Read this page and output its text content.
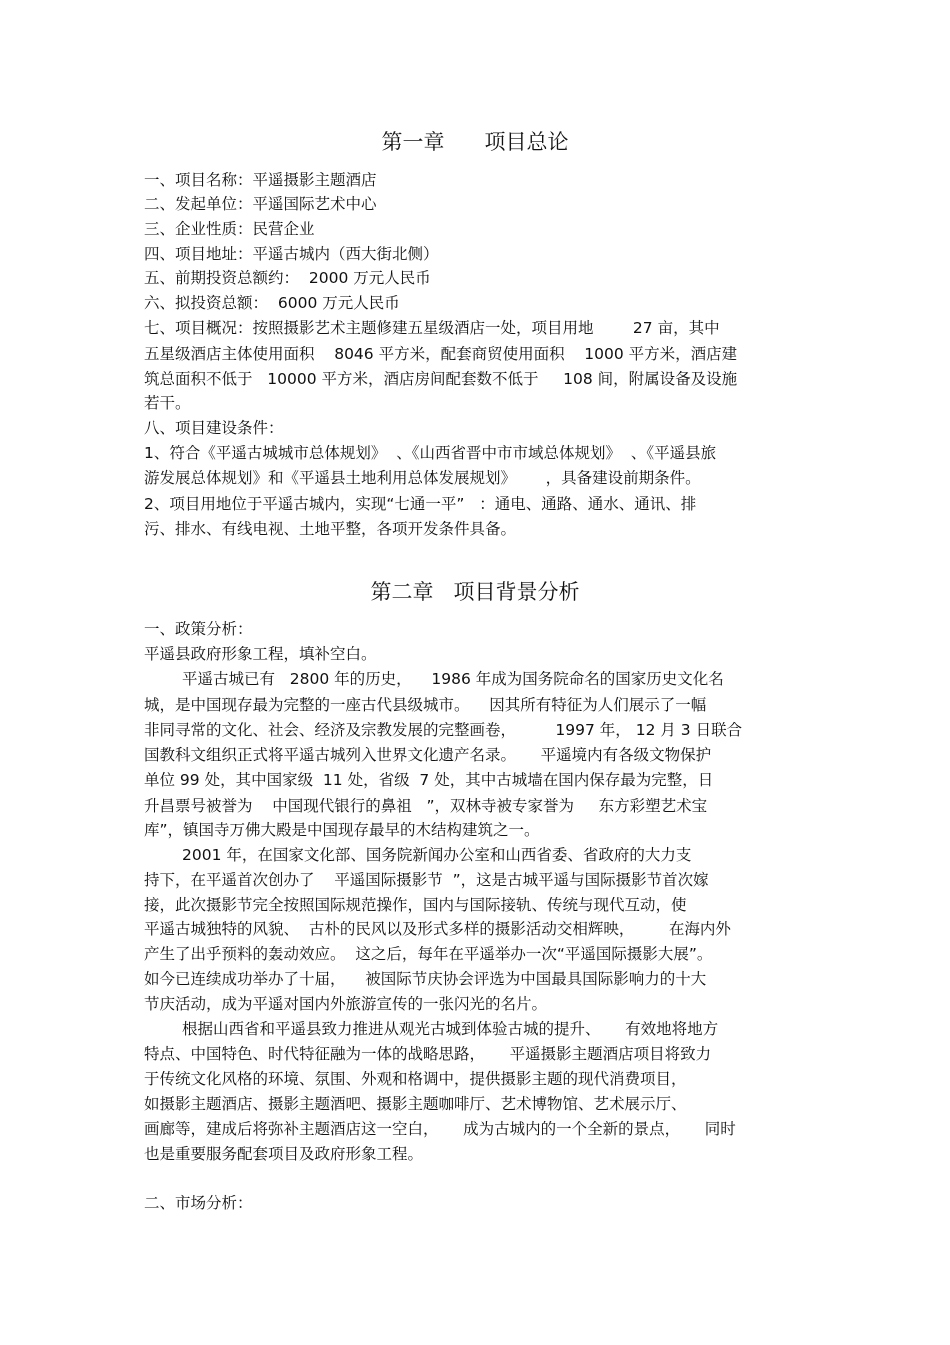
第一章      项目总论
一、项目名称：平遥摄影主题酒店
二、发起单位：平遥国际艺术中心
三、企业性质：民营企业
四、项目地址：平遥古城内（西大街北侧）
五、前期投资总额约：  2000 万元人民币
六、拟投资总额：  6000 万元人民币
七、项目概况：按照摄影艺术主题修建五星级酒店一处，项目用地        27 亩，其中
五星级酒店主体使用面积    8046 平方米，配套商贸使用面积    1000 平方米，酒店建
筑总面积不低于   10000 平方米，酒店房间配套数不低于     108 间，附属设备及设施
若干。
八、项目建设条件：
1、符合《平遥古城城市总体规划》  、《山西省晋中市市域总体规划》  、《平遥县旅
游发展总体规划》和《平遥县土地利用总体发展规划》      ，具备建设前期条件。
2、项目用地位于平遥古城内，实现“七通一平”   ：通电、通路、通水、通讯、排
污、排水、有线电视、土地平整，各项开发条件具备。
第二章   项目背景分析
一、政策分析：
平遥县政府形象工程，填补空白。
平遥古城已有   2800 年的历史，    1986 年成为国务院命名的国家历史文化名
城，是中国现存最为完整的一座古代县级城市。    因其所有特征为人们展示了一幅
非同寻常的文化、社会、经济及宗教发展的完整画卷，        1997 年， 12 月 3 日联合
国教科文组织正式将平遥古城列入世界文化遗产名录。     平遥境内有各级文物保护
单位 99 处，其中国家级  11 处，省级  7 处，其中古城墙在国内保存最为完整，日
升昌票号被誉为    中国现代银行的鼻祖   ”，双林寺被专家誉为     东方彩塑艺术宝
库”，镇国寺万佛大殿是中国现存最早的木结构建筑之一。
2001 年，在国家文化部、国务院新闻办公室和山西省委、省政府的大力支
持下，在平遥首次创办了    平遥国际摄影节  ”，这是古城平遥与国际摄影节首次嫁
接，此次摄影节完全按照国际规范操作，国内与国际接轨、传统与现代互动，使
平遥古城独特的风貌、  古朴的民风以及形式多样的摄影活动交相辉映，       在海内外
产生了出乎预料的轰动效应。  这之后，每年在平遥举办一次“平遥国际摄影大展”。
如今已连续成功举办了十届，    被国际节庆协会评选为中国最具国际影响力的十大
节庆活动，成为平遥对国内外旅游宣传的一张闪光的名片。
根据山西省和平遥县致力推进从观光古城到体验古城的提升、     有效地将地方
特点、中国特色、时代特征融为一体的战略思路，     平遥摄影主题酒店项目将致力
于传统文化风格的环境、氛围、外观和格调中，提供摄影主题的现代消费项目，
如摄影主题酒店、摄影主题酒吧、摄影主题咖啡厅、艺术博物馆、艺术展示厅、
画廊等，建成后将弥补主题酒店这一空白，     成为古城内的一个全新的景点，     同时
也是重要服务配套项目及政府形象工程。
二、市场分析：
